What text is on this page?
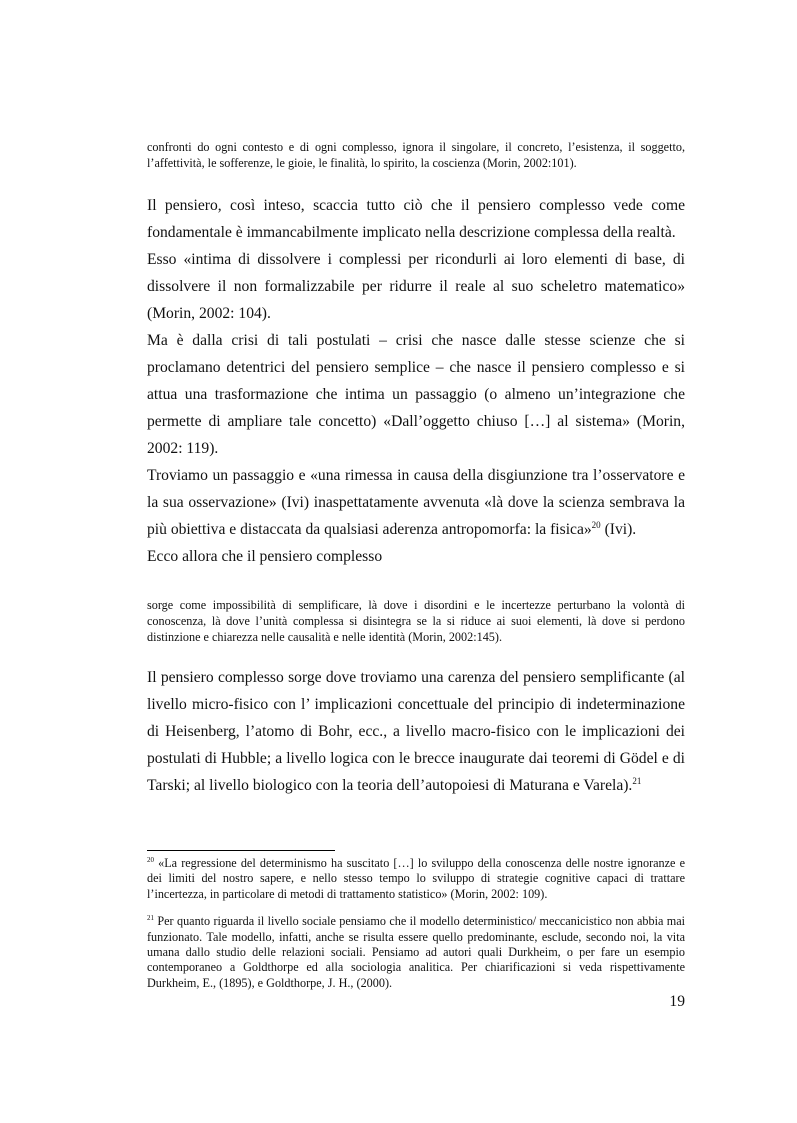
confronti do ogni contesto e di ogni complesso, ignora il singolare, il concreto, l’esistenza, il soggetto, l’affettività, le sofferenze, le gioie, le finalità, lo spirito, la coscienza (Morin, 2002:101).

Il pensiero, così inteso, scaccia tutto ciò che il pensiero complesso vede come fondamentale è immancabilmente implicato nella descrizione complessa della realtà.

Esso «intima di dissolvere i complessi per ricondurli ai loro elementi di base, di dissolvere il non formalizzabile per ridurre il reale al suo scheletro matematico» (Morin, 2002: 104).

Ma è dalla crisi di tali postulati – crisi che nasce dalle stesse scienze che si proclamano detentrici del pensiero semplice – che nasce il pensiero complesso e si attua una trasformazione che intima un passaggio (o almeno un’integrazione che permette di ampliare tale concetto) «Dall’oggetto chiuso […] al sistema» (Morin, 2002: 119).

Troviamo un passaggio e «una rimessa in causa della disgiunzione tra l’osservatore e la sua osservazione» (Ivi) inaspettatamente avvenuta «là dove la scienza sembrava la più obiettiva e distaccata da qualsiasi aderenza antropomorfa: la fisica»$^{20}$ (Ivi).

Ecco allora che il pensiero complesso

sorge come impossibilità di semplificare, là dove i disordini e le incertezze perturbano la volontà di conoscenza, là dove l’unità complessa si disintegra se la si riduce ai suoi elementi, là dove si perdono distinzione e chiarezza nelle causalità e nelle identità (Morin, 2002:145).

Il pensiero complesso sorge dove troviamo una carenza del pensiero semplificante (al livello micro-fisico con l’ implicazioni concettuale del principio di indeterminazione di Heisenberg, l’atomo di Bohr, ecc., a livello macro-fisico con le implicazioni dei postulati di Hubble; a livello logica con le brecce inaugurate dai teoremi di Gödel e di Tarski; al livello biologico con la teoria dell’autopoiesi di Maturana e Varela).$^{21}$

$^{20}$ «La regressione del determinismo ha suscitato […] lo sviluppo della conoscenza delle nostre ignoranze e dei limiti del nostro sapere, e nello stesso tempo lo sviluppo di strategie cognitive capaci di trattare l’incertezza, in particolare di metodi di trattamento statistico» (Morin, 2002: 109).

$^{21}$ Per quanto riguarda il livello sociale pensiamo che il modello deterministico/ meccanicistico non abbia mai funzionato. Tale modello, infatti, anche se risulta essere quello predominante, esclude, secondo noi, la vita umana dallo studio delle relazioni sociali. Pensiamo ad autori quali Durkheim, o per fare un esempio contemporaneo a Goldthorpe ed alla sociologia analitica. Per chiarificazioni si veda rispettivamente Durkheim, E., (1895), e Goldthorpe, J. H., (2000).

19
